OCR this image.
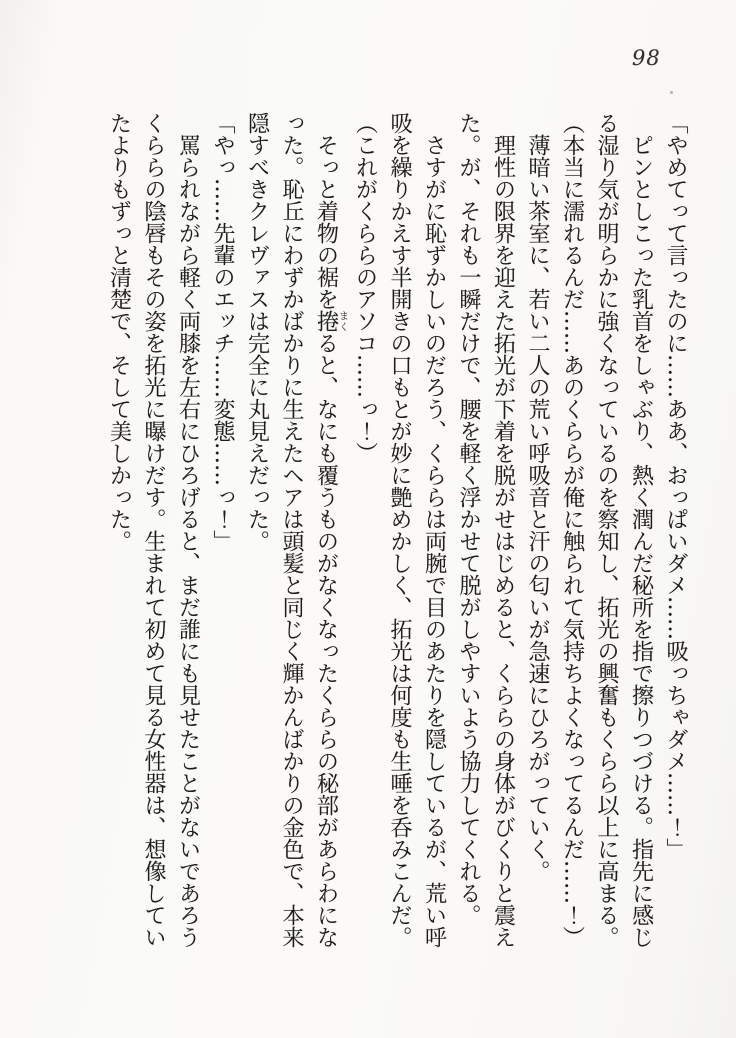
98

「やめてって言ったのに……ああ、おっぱいダメ……吸っちゃダメ……！」

ピンとしこった乳首をしゃぶり、熱く潤んだ秘所を指で擦りつづける。指先に感じる湿り気が明らかに強くなっているのを察知し、拓光の興奮もくらら以上に高まる。

（本当に濡れるんだ……あのくららが俺に触られて気持ちよくなってるんだ……！）

薄暗い茶室に、若い二人の荒い呼吸音と汗の匂いが急速にひろがっていく。

理性の限界を迎えた拓光が下着を脱がせはじめると、くららの身体がびくりと震えた。が、それも一瞬だけで、腰を軽く浮かせて脱がしやすいよう協力してくれる。

さすがに恥ずかしいのだろう、くららは両腕で目のあたりを隠しているが、荒い呼吸を繰りかえす半開きの口もとが妙に艶めかしく、拓光は何度も生唾を呑みこんだ。

（これがくららのアソコ……っ！）

そっと着物の裾を捲まくると、なにも覆うものがなくなったくららの秘部があらわになった。恥丘にわずかばかりに生えたヘアは頭髪と同じく輝かんばかりの金色で、本来隠すべきクレヴァスは完全に丸見えだった。

「やっ……先輩のエッチ……変態……っ！」

罵られながら軽く両膝を左右にひろげると、まだ誰にも見せたことがないであろうくららの陰唇もその姿を拓光に曝けだす。生まれて初めて見る女性器は、想像していたよりもずっと清楚で、そして美しかった。
